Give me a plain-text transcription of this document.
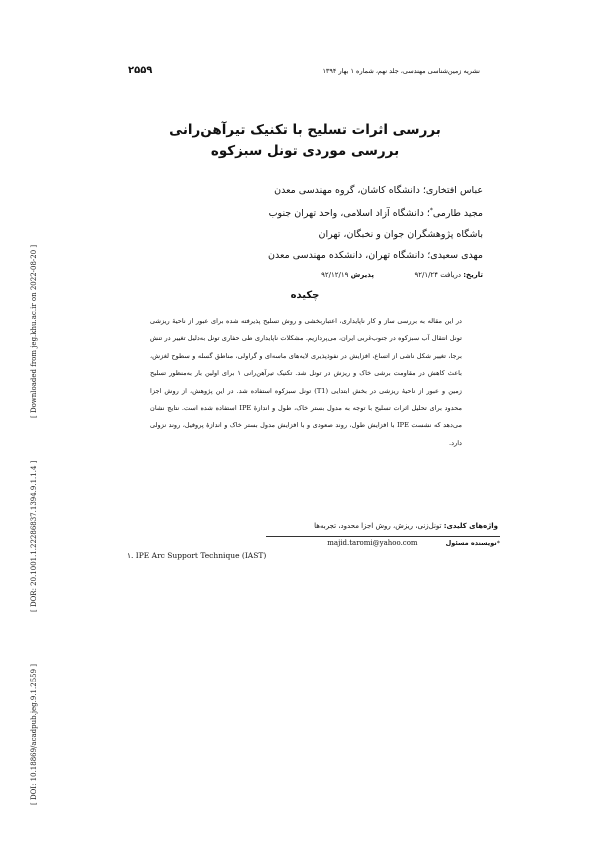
[ Downloaded from jeg.khu.ac.ir on 2022-08-20 ]
[ DOR: 20.1001.1.22286837.1394.9.1.1.4 ]
[ DOI: 10.18869/acadpub.jeg.9.1.2559 ]
نشریه زمین‌شناسی مهندسی، جلد نهم، شماره ۱ بهار ۱۳۹۴
۲۵۵۹
بررسی اثرات تسلیح با تکنیک تیرآهن‌رانی
بررسی موردی تونل سبزکوه
عباس افتخاری؛ دانشگاه کاشان، گروه مهندسی معدن
مجید طارمی*؛ دانشگاه آزاد اسلامی، واحد تهران جنوب
باشگاه پژوهشگران جوان و نخبگان، تهران
مهدی سعیدی؛ دانشگاه تهران، دانشکده مهندسی معدن
تاریخ: دریافت ۹۲/۱/۲۴  پذیرش ۹۲/۱۲/۱۹
چکیده

در این مقاله به بررسی ساز و کار ناپایداری، اعتباربخشی و روش تسلیح پذیرفته شده برای عبور از ناحیهٔ ریزشی تونل انتقال آب سبزکوه در جنوب‌غربی ایران، می‌پردازیم. مشکلات ناپایداری طی حفاری تونل به‌دلیل تغییر در تنش برجا، تغییر شکل ناشی از اتساع، افزایش در نفوذپذیری لایه‌های ماسه‌ای و گراولی، مناطق گسله و سطوح لغزش، باعث کاهش در مقاومت برشی خاک و ریزش در تونل شد. تکنیک تیرآهن‌رانی ۱ برای اولین بار به‌منظور تسلیح زمین و عبور از ناحیهٔ ریزشی در بخش ابتدایی (T1) تونل سبزکوه استفاده شد. در این پژوهش، از روش اجزا محدود برای تحلیل اثرات تسلیح با توجه به مدول بستر خاک، طول و اندازهٔ IPE استفاده شده است. نتایج نشان می‌دهد که نشست IPE با افزایش طول، روند صعودی و با افزایش مدول بستر خاک و اندازهٔ پروفیل، روند نزولی دارد.

واژه‌های کلیدی: تونل‌زنی، ریزش، روش اجزا محدود، تجربه‌ها
*نویسنده مسئول majid.taromi@yahoo.com
۱. IPE Arc Support Technique (IAST)
